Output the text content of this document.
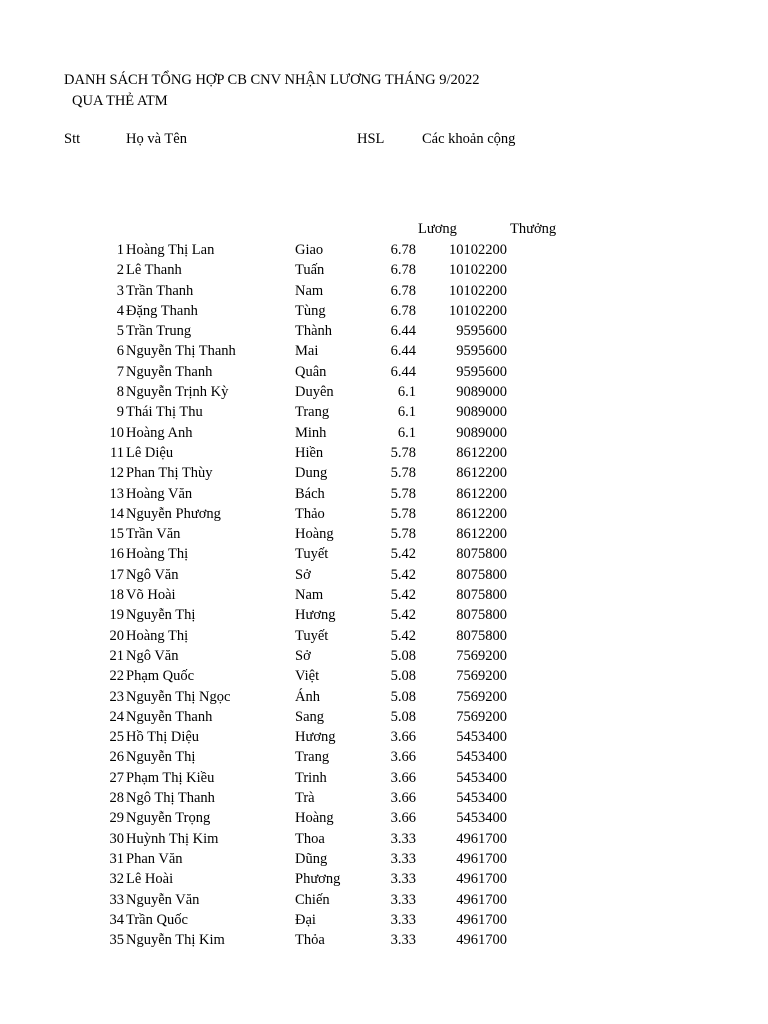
DANH SÁCH TỔNG HỢP CB CNV NHẬN LƯƠNG THÁNG 9/2022
QUA THẺ ATM
Stt	Họ và Tên	HSL	Các khoản cộng
Lương	Thưởng
1 Hoàng Thị Lan	Giao	6.78 10102200
2 Lê Thanh	Tuấn	6.78 10102200
3 Trần Thanh	Nam	6.78 10102200
4 Đặng Thanh	Tùng	6.78 10102200
5 Trần Trung	Thành	6.44	9595600
6 Nguyễn Thị Thanh	Mai	6.44	9595600
7 Nguyễn Thanh	Quân	6.44	9595600
8 Nguyễn Trịnh Kỳ	Duyên	6.1	9089000
9 Thái Thị Thu	Trang	6.1	9089000
10 Hoàng Anh	Minh	6.1	9089000
11 Lê Diệu	Hiền	5.78	8612200
12 Phan Thị Thùy	Dung	5.78	8612200
13 Hoàng Văn	Bách	5.78	8612200
14 Nguyễn Phương	Thảo	5.78	8612200
15 Trần Văn	Hoàng	5.78	8612200
16 Hoàng Thị	Tuyết	5.42	8075800
17 Ngô Văn	Sở	5.42	8075800
18 Võ Hoài	Nam	5.42	8075800
19 Nguyễn Thị	Hương	5.42	8075800
20 Hoàng Thị	Tuyết	5.42	8075800
21 Ngô Văn	Sở	5.08	7569200
22 Phạm Quốc	Việt	5.08	7569200
23 Nguyễn Thị Ngọc	Ánh	5.08	7569200
24 Nguyễn Thanh	Sang	5.08	7569200
25 Hồ Thị Diệu	Hương	3.66	5453400
26 Nguyễn Thị	Trang	3.66	5453400
27 Phạm Thị Kiều	Trinh	3.66	5453400
28 Ngô Thị Thanh	Trà	3.66	5453400
29 Nguyễn Trọng	Hoàng	3.66	5453400
30 Huỳnh Thị Kim	Thoa	3.33	4961700
31 Phan Văn	Dũng	3.33	4961700
32 Lê Hoài	Phương	3.33	4961700
33 Nguyễn Văn	Chiến	3.33	4961700
34 Trần Quốc	Đại	3.33	4961700
35 Nguyễn Thị Kim	Thỏa	3.33	4961700
